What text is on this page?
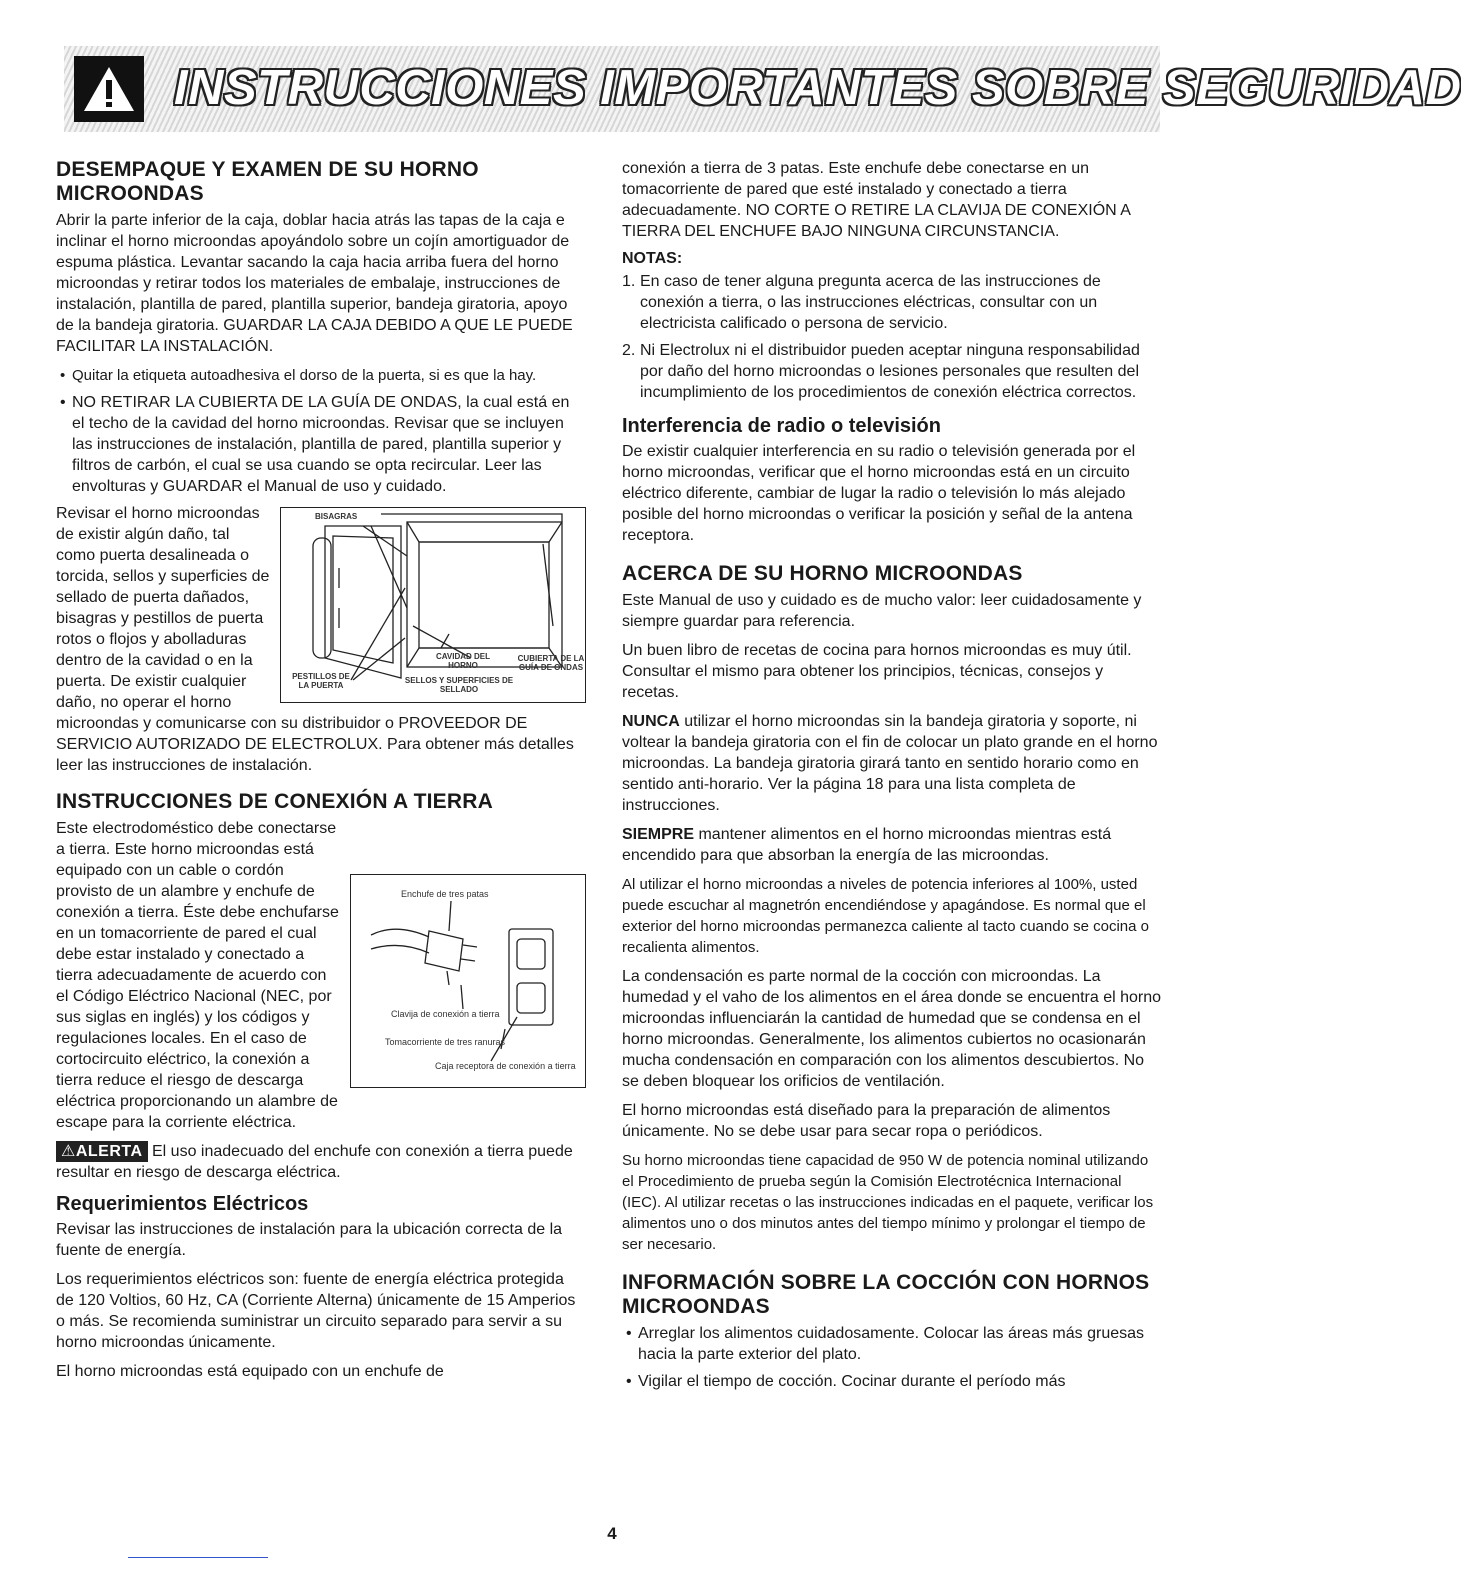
INSTRUCCIONES IMPORTANTES SOBRE SEGURIDAD
DESEMPAQUE Y EXAMEN DE SU HORNO MICROONDAS

Abrir la parte inferior de la caja, doblar hacia atrás las tapas de la caja e inclinar el horno microondas apoyándolo sobre un cojín amortiguador de espuma plástica. Levantar sacando la caja hacia arriba fuera del horno microondas y retirar todos los materiales de embalaje, instrucciones de instalación, plantilla de pared, plantilla superior, bandeja giratoria, apoyo de la bandeja giratoria. GUARDAR LA CAJA DEBIDO A QUE LE PUEDE FACILITAR LA INSTALACIÓN.

• Quitar la etiqueta autoadhesiva el dorso de la puerta, si es que la hay.
• NO RETIRAR LA CUBIERTA DE LA GUÍA DE ONDAS, la cual está en el techo de la cavidad del horno microondas. Revisar que se incluyen las instrucciones de instalación, plantilla de pared, plantilla superior y filtros de carbón, el cual se usa cuando se opta recircular. Leer las envolturas y GUARDAR el Manual de uso y cuidado.
BISAGRAS
CAVIDAD DEL HORNO
CUBIERTA DE LA GUÍA DE ONDAS
PESTILLOS DE LA PUERTA
SELLOS Y SUPERFICIES DE SELLADO

Revisar el horno microondas de existir algún daño, tal como puerta desalineada o torcida, sellos y superficies de sellado de puerta dañados, bisagras y pestillos de puerta rotos o flojos y abolladuras dentro de la cavidad o en la puerta. De existir cualquier daño, no operar el horno microondas y comunicarse con su distribuidor o PROVEEDOR DE SERVICIO AUTORIZADO DE ELECTROLUX. Para obtener más detalles leer las instrucciones de instalación.

INSTRUCCIONES DE CONEXIÓN A TIERRA
Enchufe de tres patas
Clavija de conexión a tierra
Tomacorriente de tres ranuras
Caja receptora de conexión a tierra

Este electrodoméstico debe conectarse a tierra. Este horno microondas está equipado con un cable o cordón provisto de un alambre y enchufe de conexión a tierra. Éste debe enchufarse en un tomacorriente de pared el cual debe estar instalado y conectado a tierra adecuadamente de acuerdo con el Código Eléctrico Nacional (NEC, por sus siglas en inglés) y los códigos y regulaciones locales. En el caso de cortocircuito eléctrico, la conexión a tierra reduce el riesgo de descarga eléctrica proporcionando un alambre de escape para la corriente eléctrica.

⚠ALERTA El uso inadecuado del enchufe con conexión a tierra puede resultar en riesgo de descarga eléctrica.

Requerimientos Eléctricos

Revisar las instrucciones de instalación para la ubicación correcta de la fuente de energía.

Los requerimientos eléctricos son: fuente de energía eléctrica protegida de 120 Voltios, 60 Hz, CA (Corriente Alterna) únicamente de 15 Amperios o más. Se recomienda suministrar un circuito separado para servir a su horno microondas únicamente.

El horno microondas está equipado con un enchufe de

conexión a tierra de 3 patas. Este enchufe debe conectarse en un tomacorriente de pared que esté instalado y conectado a tierra adecuadamente. NO CORTE O RETIRE LA CLAVIJA DE CONEXIÓN A TIERRA DEL ENCHUFE BAJO NINGUNA CIRCUNSTANCIA.

NOTAS:
1. En caso de tener alguna pregunta acerca de las instrucciones de conexión a tierra, o las instrucciones eléctricas, consultar con un electricista calificado o persona de servicio.
2. Ni Electrolux ni el distribuidor pueden aceptar ninguna responsabilidad por daño del horno microondas o lesiones personales que resulten del incumplimiento de los procedimientos de conexión eléctrica correctos.
Interferencia de radio o televisión

De existir cualquier interferencia en su radio o televisión generada por el horno microondas, verificar que el horno microondas está en un circuito eléctrico diferente, cambiar de lugar la radio o televisión lo más alejado posible del horno microondas o verificar la posición y señal de la antena receptora.

ACERCA DE SU HORNO MICROONDAS

Este Manual de uso y cuidado es de mucho valor: leer cuidadosamente y siempre guardar para referencia.

Un buen libro de recetas de cocina para hornos microondas es muy útil. Consultar el mismo para obtener los principios, técnicas, consejos y recetas.

NUNCA utilizar el horno microondas sin la bandeja giratoria y soporte, ni voltear la bandeja giratoria con el fin de colocar un plato grande en el horno microondas. La bandeja giratoria girará tanto en sentido horario como en sentido anti-horario. Ver la página 18 para una lista completa de instrucciones.

SIEMPRE mantener alimentos en el horno microondas mientras está encendido para que absorban la energía de las microondas.

Al utilizar el horno microondas a niveles de potencia inferiores al 100%, usted puede escuchar al magnetrón encendiéndose y apagándose. Es normal que el exterior del horno microondas permanezca caliente al tacto cuando se cocina o recalienta alimentos.

La condensación es parte normal de la cocción con microondas. La humedad y el vaho de los alimentos en el área donde se encuentra el horno microondas influenciarán la cantidad de humedad que se condensa en el horno microondas. Generalmente, los alimentos cubiertos no ocasionarán mucha condensación en comparación con los alimentos descubiertos. No se deben bloquear los orificios de ventilación.

El horno microondas está diseñado para la preparación de alimentos únicamente. No se debe usar para secar ropa o periódicos.

Su horno microondas tiene capacidad de 950 W de potencia nominal utilizando el Procedimiento de prueba según la Comisión Electrotécnica Internacional (IEC). Al utilizar recetas o las instrucciones indicadas en el paquete, verificar los alimentos uno o dos minutos antes del tiempo mínimo y prolongar el tiempo de ser necesario.

INFORMACIÓN SOBRE LA COCCIÓN CON HORNOS MICROONDAS
• Arreglar los alimentos cuidadosamente. Colocar las áreas más gruesas hacia la parte exterior del plato.
• Vigilar el tiempo de cocción. Cocinar durante el período más
4
